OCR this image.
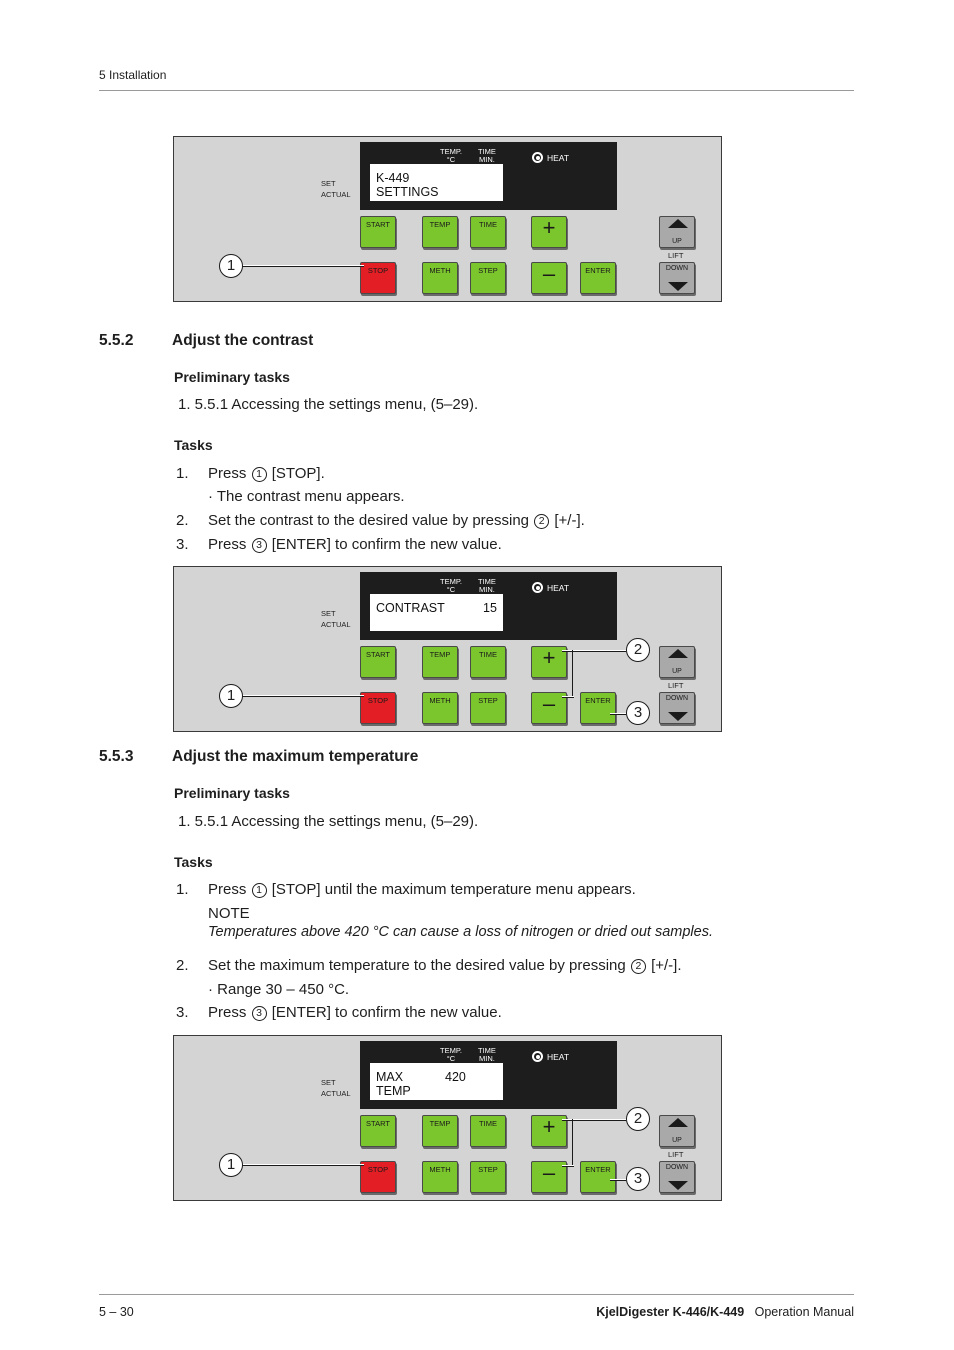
5 Installation
TEMP.
°C
TIME
MIN.	HEAT
K-449
SETTINGS
SET
ACTUAL
START	TEMP	TIME	+
STOP	METH	STEP	–	ENTER
UP
LIFT
DOWN
1
5.5.2 Adjust the contrast
Preliminary tasks
1. 5.5.1 Accessing the settings menu, (5–29).
Tasks
1. Press 1 [STOP].
· The contrast menu appears.
2. Set the contrast to the desired value by pressing 2 [+/-].
3. Press 3 [ENTER] to confirm the new value.
TEMP.
°C
TIME
MIN.	HEAT
CONTRAST	15
SET
ACTUAL
START	TEMP	TIME	+
STOP	METH	STEP	–	ENTER
UP
LIFT
DOWN
1
2
3
5.5.3 Adjust the maximum temperature
Preliminary tasks
1. 5.5.1 Accessing the settings menu, (5–29).
Tasks
1. Press 1 [STOP] until the maximum temperature menu appears.
NOTE
Temperatures above 420 °C can cause a loss of nitrogen or dried out samples.
2. Set the maximum temperature to the desired value by pressing 2 [+/-].
· Range 30 – 450 °C.
3. Press 3 [ENTER] to confirm the new value.
TEMP.
°C
TIME
MIN.	HEAT
MAX
TEMP
420
SET
ACTUAL
START	TEMP	TIME	+
STOP	METH	STEP	–	ENTER
UP
LIFT
DOWN
1
2
3
5 – 30	KjelDigester K-446/K-449 Operation Manual
